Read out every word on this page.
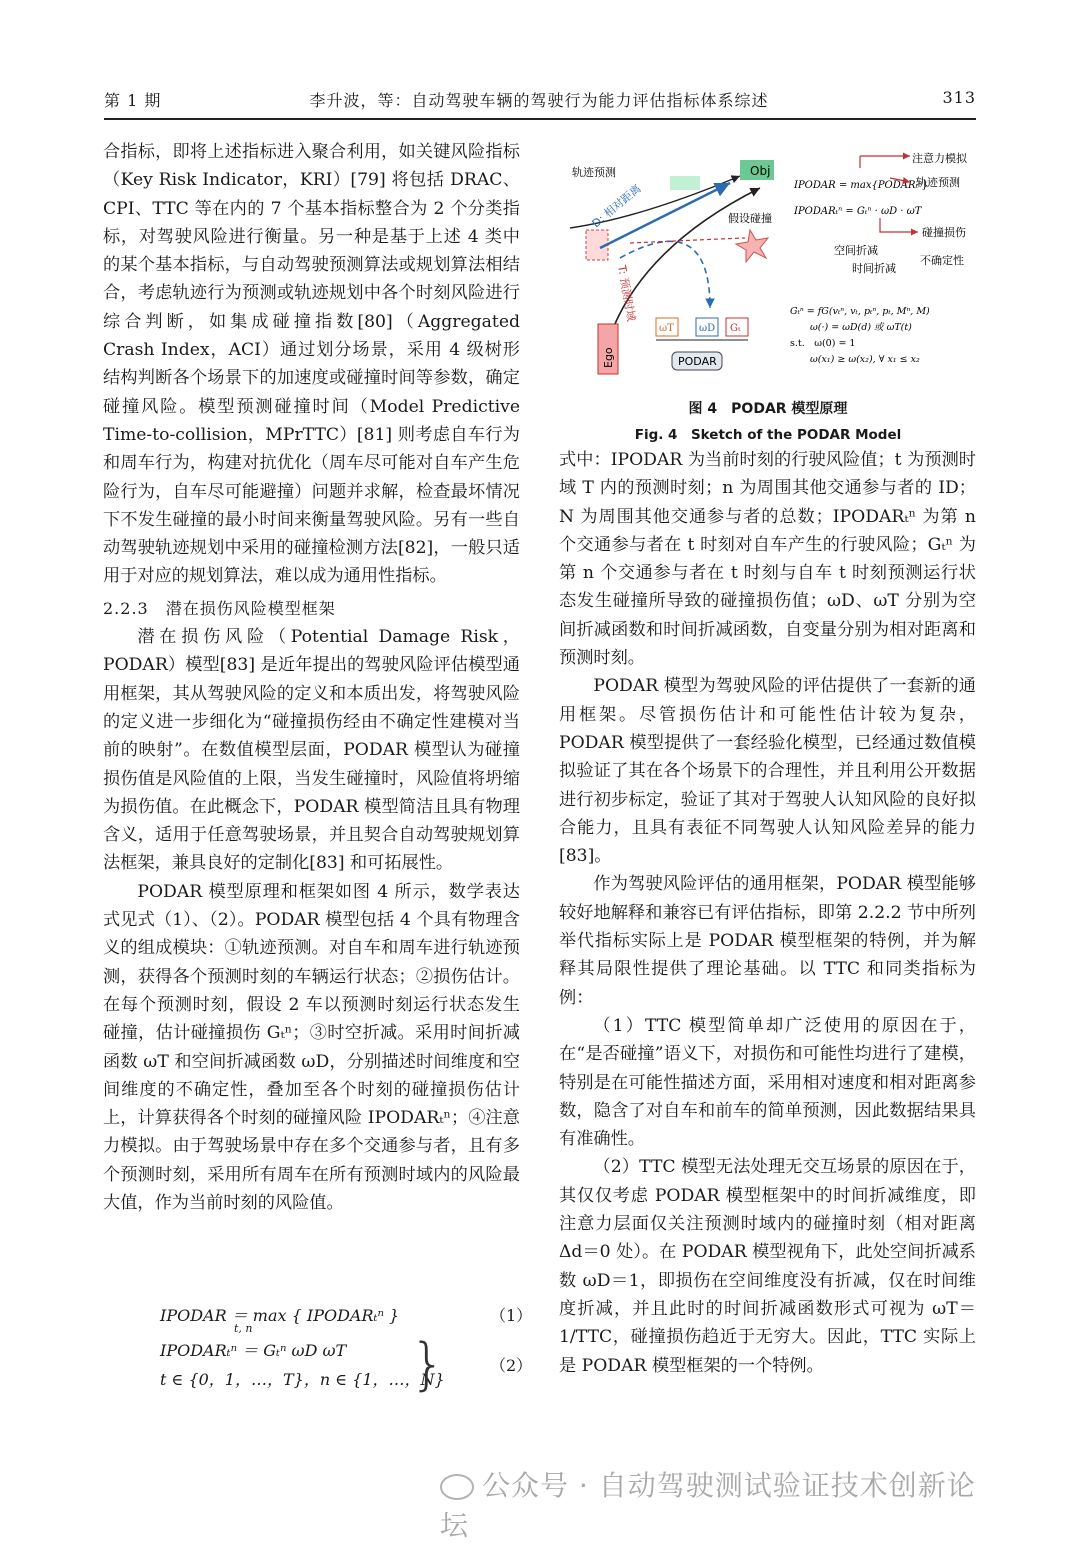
第 1 期	李升波，等：自动驾驶车辆的驾驶行为能力评估指标体系综述	313

合指标，即将上述指标进入聚合利用，如关键风险指标（Key Risk Indicator，KRI）[79] 将包括 DRAC、CPI、TTC 等在内的 7 个基本指标整合为 2 个分类指标，对驾驶风险进行衡量。另一种是基于上述 4 类中的某个基本指标，与自动驾驶预测算法或规划算法相结合，考虑轨迹行为预测或轨迹规划中各个时刻风险进行综合判断，如集成碰撞指数[80]（Aggregated Crash Index，ACI）通过划分场景，采用 4 级树形结构判断各个场景下的加速度或碰撞时间等参数，确定碰撞风险。模型预测碰撞时间（Model Predictive Time-to-collision，MPrTTC）[81] 则考虑自车行为和周车行为，构建对抗优化（周车尽可能对自车产生危险行为，自车尽可能避撞）问题并求解，检查最坏情况下不发生碰撞的最小时间来衡量驾驶风险。另有一些自动驾驶轨迹规划中采用的碰撞检测方法[82]，一般只适用于对应的规划算法，难以成为通用性指标。

2.2.3　潜在损伤风险模型框架

潜在损伤风险（Potential Damage Risk，PODAR）模型[83] 是近年提出的驾驶风险评估模型通用框架，其从驾驶风险的定义和本质出发，将驾驶风险的定义进一步细化为“碰撞损伤经由不确定性建模对当前的映射”。在数值模型层面，PODAR 模型认为碰撞损伤值是风险值的上限，当发生碰撞时，风险值将坍缩为损伤值。在此概念下，PODAR 模型简洁且具有物理含义，适用于任意驾驶场景，并且契合自动驾驶规划算法框架，兼具良好的定制化[83] 和可拓展性。

PODAR 模型原理和框架如图 4 所示，数学表达式见式（1）、（2）。PODAR 模型包括 4 个具有物理含义的组成模块：①轨迹预测。对自车和周车进行轨迹预测，获得各个预测时刻的车辆运行状态；②损伤估计。在每个预测时刻，假设 2 车以预测时刻运行状态发生碰撞，估计碰撞损伤 Gₜⁿ；③时空折减。采用时间折减函数 ωT 和空间折减函数 ωD，分别描述时间维度和空间维度的不确定性，叠加至各个时刻的碰撞损伤估计上，计算获得各个时刻的碰撞风险 IPODARₜⁿ；④注意力模拟。由于驾驶场景中存在多个交通参与者，且有多个预测时刻，采用所有周车在所有预测时域内的风险最大值，作为当前时刻的风险值。

IPODAR ＝ max { IPODARₜⁿ }
t, n
（1）
IPODARₜⁿ ＝ Gₜⁿ ωD ωT
t ∈ {0，1，…，T}，n ∈ {1，…，N}
}	（2）
Obj
Ego
轨迹预测
D: 相对距离	假设碰撞
T: 预测时域
ωT	ωD Gₜ
PODAR
注意力模拟
IPODAR = max{PODARₜⁿ}
轨迹预测
IPODARₜⁿ = Gₜⁿ · ωD · ωT
碰撞损伤
空间折减
不确定性
时间折减
Gₜⁿ = fG(vₜⁿ, vₜ, pₜⁿ, pₜ, Mⁿ, M)
ω(·) = ωD(d) 或 ωT(t)
s.t.　ω(0) = 1
ω(x₁) ≥ ω(x₂), ∀ x₁ ≤ x₂
图 4　PODAR 模型原理
Fig. 4　Sketch of the PODAR Model

式中：IPODAR 为当前时刻的行驶风险值；t 为预测时域 T 内的预测时刻；n 为周围其他交通参与者的 ID；N 为周围其他交通参与者的总数；IPODARₜⁿ 为第 n 个交通参与者在 t 时刻对自车产生的行驶风险；Gₜⁿ 为第 n 个交通参与者在 t 时刻与自车 t 时刻预测运行状态发生碰撞所导致的碰撞损伤值；ωD、ωT 分别为空间折减函数和时间折减函数，自变量分别为相对距离和预测时刻。

PODAR 模型为驾驶风险的评估提供了一套新的通用框架。尽管损伤估计和可能性估计较为复杂，PODAR 模型提供了一套经验化模型，已经通过数值模拟验证了其在各个场景下的合理性，并且利用公开数据进行初步标定，验证了其对于驾驶人认知风险的良好拟合能力，且具有表征不同驾驶人认知风险差异的能力[83]。

作为驾驶风险评估的通用框架，PODAR 模型能够较好地解释和兼容已有评估指标，即第 2.2.2 节中所列举代指标实际上是 PODAR 模型框架的特例，并为解释其局限性提供了理论基础。以 TTC 和同类指标为例：

（1）TTC 模型简单却广泛使用的原因在于，在“是否碰撞”语义下，对损伤和可能性均进行了建模，特别是在可能性描述方面，采用相对速度和相对距离参数，隐含了对自车和前车的简单预测，因此数据结果具有准确性。

（2）TTC 模型无法处理无交互场景的原因在于，其仅仅考虑 PODAR 模型框架中的时间折减维度，即注意力层面仅关注预测时域内的碰撞时刻（相对距离 Δd＝0 处）。在 PODAR 模型视角下，此处空间折减系数 ωD＝1，即损伤在空间维度没有折减，仅在时间维度折减，并且此时的时间折减函数形式可视为 ωT＝1/TTC，碰撞损伤趋近于无穷大。因此，TTC 实际上是 PODAR 模型框架的一个特例。

公众号 · 自动驾驶测试验证技术创新论坛
